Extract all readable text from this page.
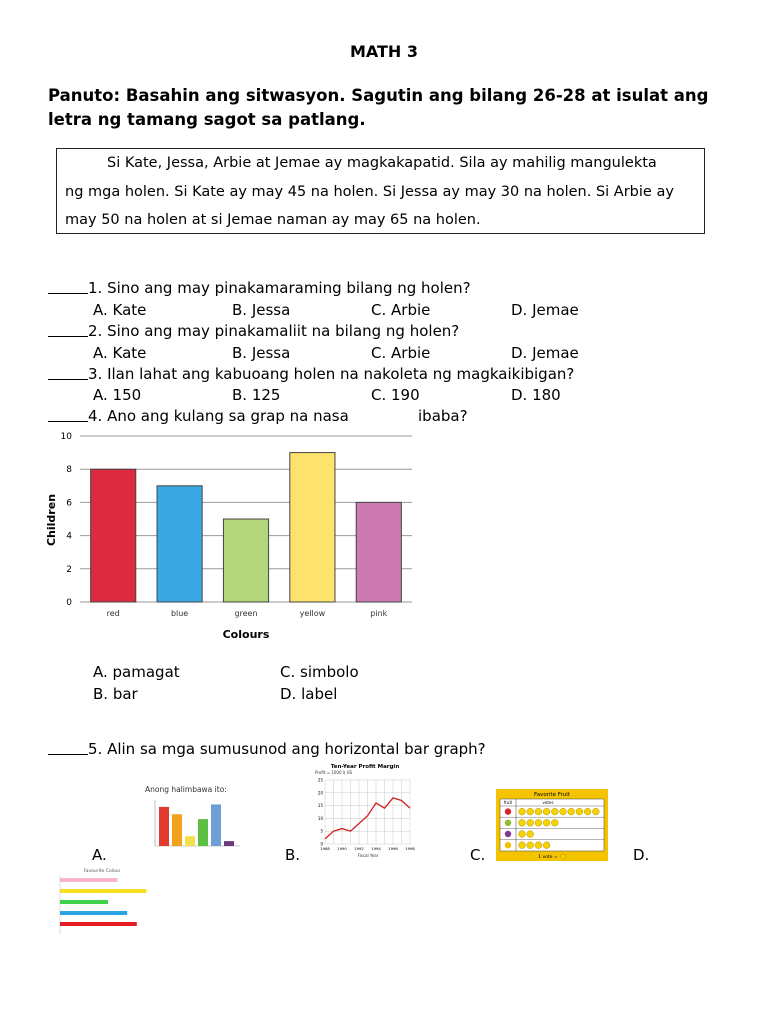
MATH 3
Panuto: Basahin ang sitwasyon. Sagutin ang bilang 26-28 at isulat ang letra ng tamang sagot sa patlang.
Si Kate, Jessa, Arbie at Jemae ay magkakapatid. Sila ay mahilig mangulekta
ng mga holen. Si Kate ay may 45 na holen. Si Jessa ay may 30 na holen. Si Arbie ay
may 50 na holen at si Jemae naman ay may 65 na holen.
1. Sino ang may pinakamaraming bilang ng holen?
A. Kate	B. Jessa	C. Arbie	D. Jemae
2. Sino ang may pinakamaliit na bilang ng holen?
A. Kate	B. Jessa	C. Arbie	D. Jemae
3. Ilan lahat ang kabuoang holen na nakoleta ng magkaikibigan?
A. 150	B. 125	C. 190	D. 180
4. Ano ang kulang sa grap na nasa	ibaba?
0
2
4
6
8
10
red	blue	green	yellow	pink
Colours
Children
A. pamagat	C. simbolo
B. bar	D. label
5. Alin sa mga sumusunod ang horizontal bar graph?
A.
Anong halimbawa ito:
B.
Ten-Year Profit Margin
Profit = 1000 $ US
0
5
10
15
20
25
1988 1990 1992 1994 1996 1998
Fiscal Year	C.
Favorite Fruit
fruit	votes
1 vote =	D.
Favourite Colour
